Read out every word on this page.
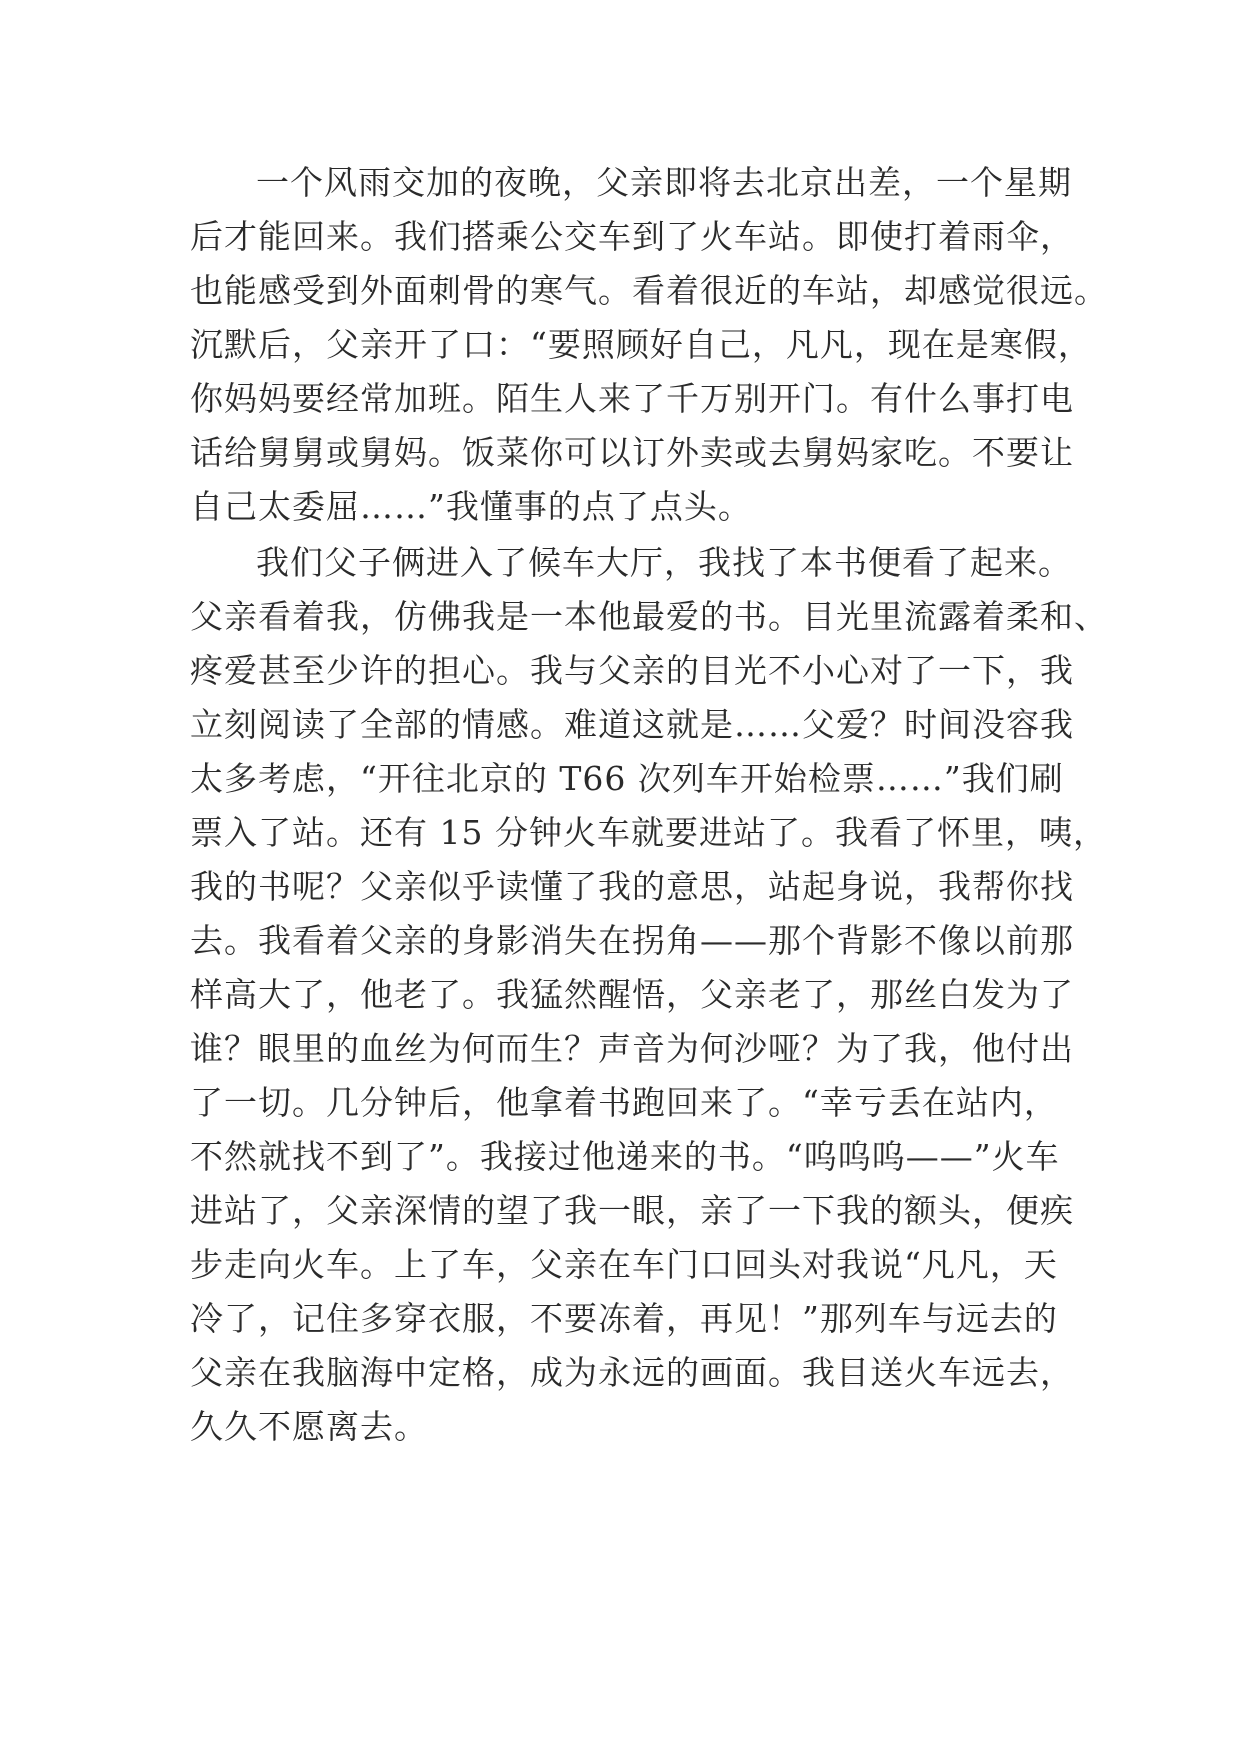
一个风雨交加的夜晚，父亲即将去北京出差，一个星期
后才能回来。我们搭乘公交车到了火车站。即使打着雨伞，
也能感受到外面刺骨的寒气。看着很近的车站，却感觉很远。
沉默后，父亲开了口：“要照顾好自己，凡凡，现在是寒假，
你妈妈要经常加班。陌生人来了千万别开门。有什么事打电
话给舅舅或舅妈。饭菜你可以订外卖或去舅妈家吃。不要让
自己太委屈……”我懂事的点了点头。
我们父子俩进入了候车大厅，我找了本书便看了起来。
父亲看着我，仿佛我是一本他最爱的书。目光里流露着柔和、
疼爱甚至少许的担心。我与父亲的目光不小心对了一下，我
立刻阅读了全部的情感。难道这就是……父爱？时间没容我
太多考虑，“开往北京的 T66 次列车开始检票……”我们刷
票入了站。还有 15 分钟火车就要进站了。我看了怀里，咦，
我的书呢？父亲似乎读懂了我的意思，站起身说，我帮你找
去。我看着父亲的身影消失在拐角——那个背影不像以前那
样高大了，他老了。我猛然醒悟，父亲老了，那丝白发为了
谁？眼里的血丝为何而生？声音为何沙哑？为了我，他付出
了一切。几分钟后，他拿着书跑回来了。“幸亏丢在站内，
不然就找不到了”。我接过他递来的书。“呜呜呜——”火车
进站了，父亲深情的望了我一眼，亲了一下我的额头，便疾
步走向火车。上了车，父亲在车门口回头对我说“凡凡，天
冷了，记住多穿衣服，不要冻着，再见！”那列车与远去的
父亲在我脑海中定格，成为永远的画面。我目送火车远去，
久久不愿离去。
